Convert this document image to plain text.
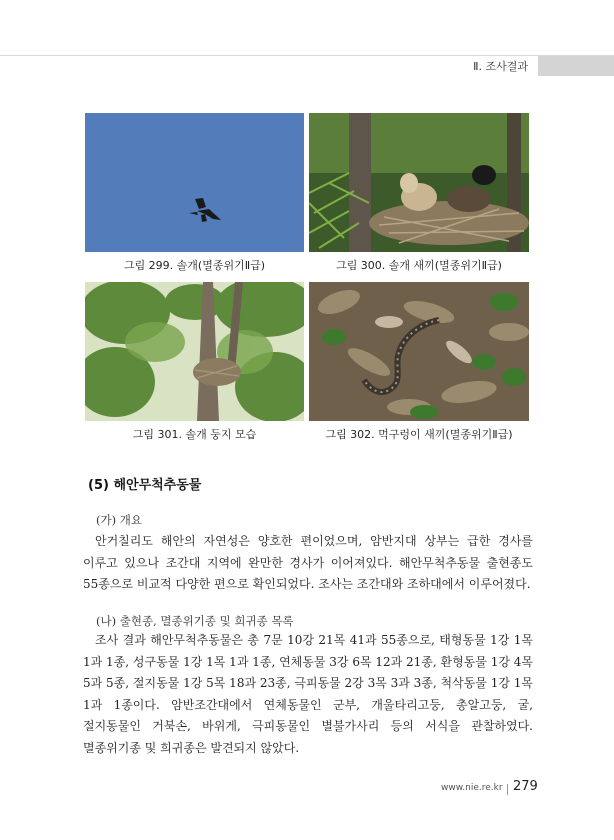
Ⅱ. 조사결과
그림 299. 솔개(멸종위기Ⅱ급)	그림 300. 솔개 새끼(멸종위기Ⅱ급)
그림 301. 솔개 둥지 모습	그림 302. 먹구렁이 새끼(멸종위기Ⅱ급)
(5) 해안무척추동물
(가) 개요
안거칠리도 해안의 자연성은 양호한 편이었으며, 암반지대 상부는 급한 경사를
이루고 있으나 조간대 지역에 완만한 경사가 이어져있다. 해안무척추동물 출현종도
55종으로 비교적 다양한 편으로 확인되었다. 조사는 조간대와 조하대에서 이루어졌다.
(나) 출현종, 멸종위기종 및 희귀종 목록
조사 결과 해안무척추동물은 총 7문 10강 21목 41과 55종으로, 태형동물 1강 1목
1과 1종, 성구동물 1강 1목 1과 1종, 연체동물 3강 6목 12과 21종, 환형동물 1강 4목
5과 5종, 절지동물 1강 5목 18과 23종, 극피동물 2강 3목 3과 3종, 척삭동물 1강 1목
1과 1종이다. 암반조간대에서 연체동물인 군부, 개울타리고둥, 총알고둥, 굴,
절지동물인 거북손, 바위게, 극피동물인 별불가사리 등의 서식을 관찰하였다.
멸종위기종 및 희귀종은 발견되지 않았다.
www.nie.re.kr 279
